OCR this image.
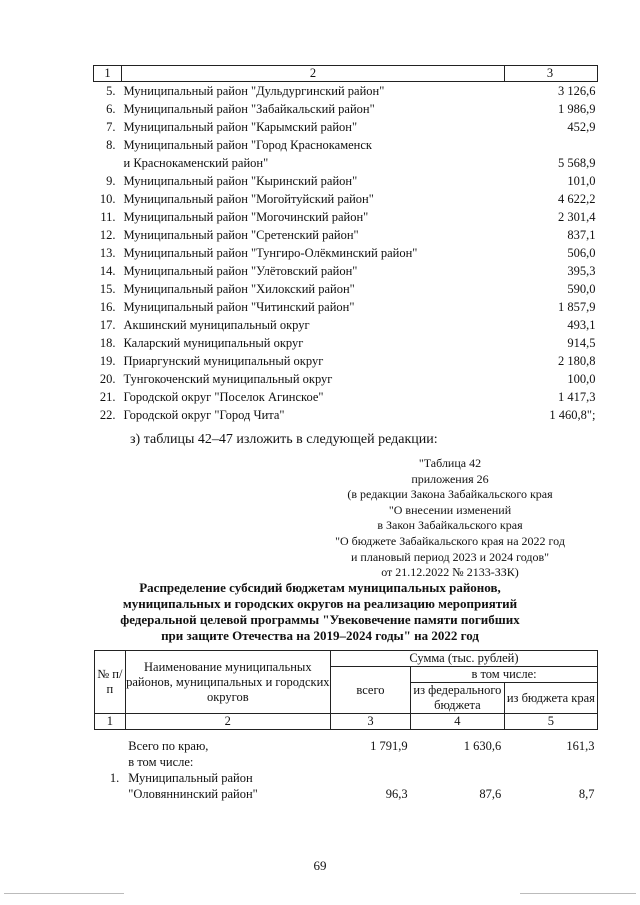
1	2	3
5.	Муниципальный район "Дульдургинский район"	3 126,6
6.	Муниципальный район "Забайкальский район"	1 986,9
7.	Муниципальный район "Карымский район"	452,9
8.	Муниципальный район "Город Краснокаменск	
	и Краснокаменский район"	5 568,9
9.	Муниципальный район "Кыринский район"	101,0
10.	Муниципальный район "Могойтуйский район"	4 622,2
11.	Муниципальный район "Могочинский район"	2 301,4
12.	Муниципальный район "Сретенский район"	837,1
13.	Муниципальный район "Тунгиро-Олёкминский район"	506,0
14.	Муниципальный район "Улётовский район"	395,3
15.	Муниципальный район "Хилокский район"	590,0
16.	Муниципальный район "Читинский район"	1 857,9
17.	Акшинский муниципальный округ	493,1
18.	Каларский муниципальный округ	914,5
19.	Приаргунский муниципальный округ	2 180,8
20.	Тунгокоченский муниципальный округ	100,0
21.	Городской округ "Поселок Агинское"	1 417,3
22.	Городской округ "Город Чита"	1 460,8";
з) таблицы 42–47 изложить в следующей редакции:
"Таблица 42
приложения 26
(в редакции Закона Забайкальского края
"О внесении изменений
в Закон Забайкальского края
"О бюджете Забайкальского края на 2022 год
и плановый период 2023 и 2024 годов"
от 21.12.2022 № 2133-ЗЗК)
Распределение субсидий бюджетам муниципальных районов,
муниципальных и городских округов на реализацию мероприятий
федеральной целевой программы "Увековечение памяти погибших
при защите Отечества на 2019–2024 годы" на 2022 год
№ п/п	Наименование муниципальных районов, муниципальных и городских округов	Сумма (тыс. рублей)		
		всего	в том числе:	
			из федерального бюджета	из бюджета края
1	2	3	4	5
	Всего по краю,	1 791,9	1 630,6	161,3
	в том числе:			
1.	Муниципальный район
"Оловяннинский район"	96,3	87,6	8,7
69
